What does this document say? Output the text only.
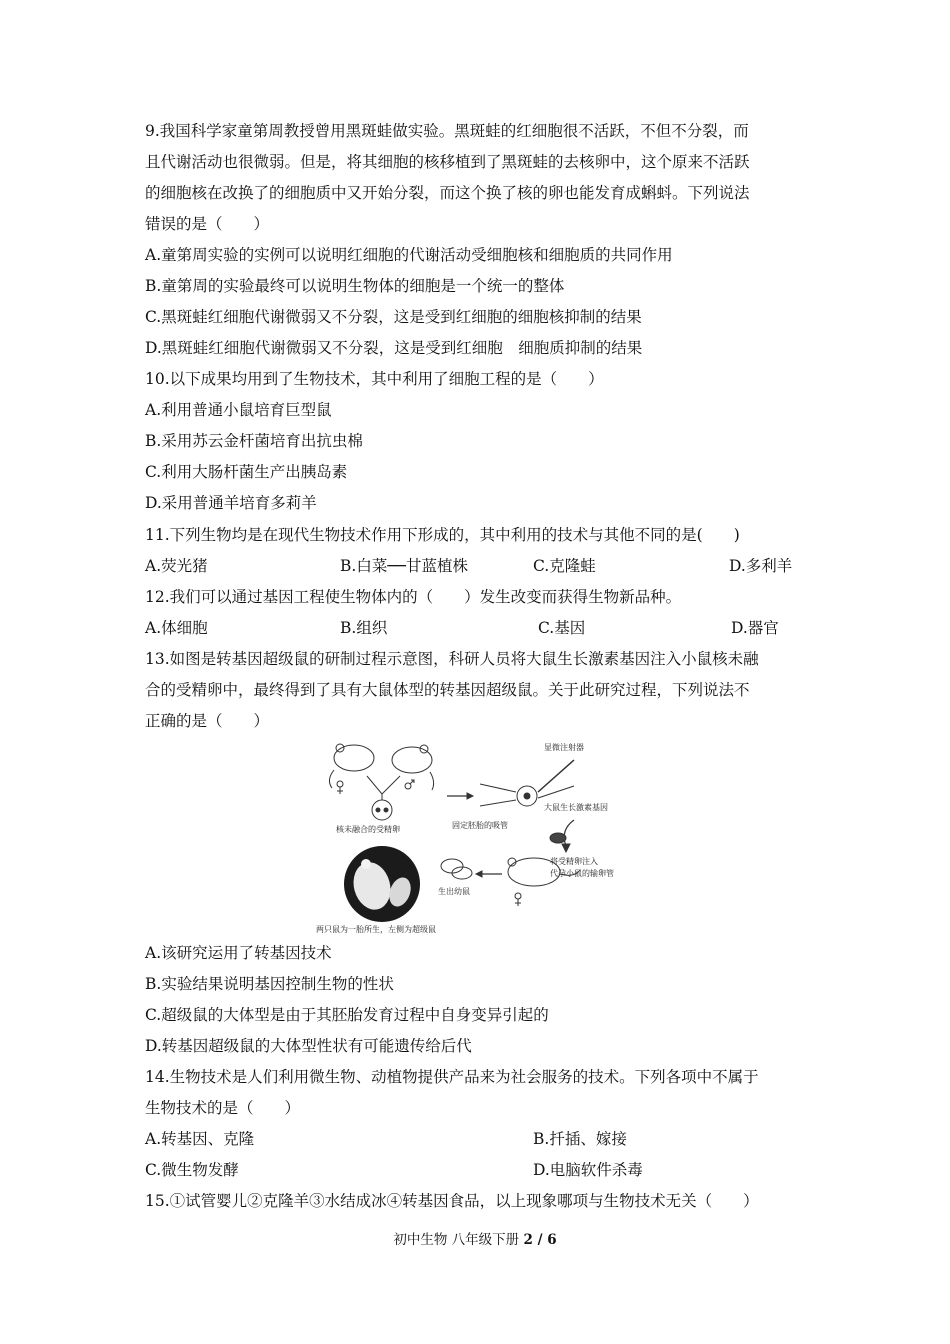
9.我国科学家童第周教授曾用黑斑蛙做实验。黑斑蛙的红细胞很不活跃，不但不分裂，而
且代谢活动也很微弱。但是，将其细胞的核移植到了黑斑蛙的去核卵中，这个原来不活跃
的细胞核在改换了的细胞质中又开始分裂，而这个换了核的卵也能发育成蝌蚪。下列说法
错误的是（　　）
A.童第周实验的实例可以说明红细胞的代谢活动受细胞核和细胞质的共同作用
B.童第周的实验最终可以说明生物体的细胞是一个统一的整体
C.黑斑蛙红细胞代谢微弱又不分裂，这是受到红细胞的细胞核抑制的结果
D.黑斑蛙红细胞代谢微弱又不分裂，这是受到红细胞　细胞质抑制的结果
10.以下成果均用到了生物技术，其中利用了细胞工程的是（　　）
A.利用普通小鼠培育巨型鼠
B.采用苏云金杆菌培育出抗虫棉
C.利用大肠杆菌生产出胰岛素
D.采用普通羊培育多莉羊
11.下列生物均是在现代生物技术作用下形成的，其中利用的技术与其他不同的是(　　)
A.荧光猪	B.白菜──甘蓝植株	C.克隆蛙	D.多利羊
12.我们可以通过基因工程使生物体内的（　　）发生改变而获得生物新品种。
A.体细胞	B.组织	C.基因	D.器官
13.如图是转基因超级鼠的研制过程示意图，科研人员将大鼠生长激素基因注入小鼠核未融
合的受精卵中，最终得到了具有大鼠体型的转基因超级鼠。关于此研究过程，下列说法不
正确的是（　　）
核未融合的受精卵	固定胚胎的吸管
显微注射器
大鼠生长激素基因
将受精卵注入
代孕小鼠的输卵管
生出幼鼠
两只鼠为一胎所生，左侧为超级鼠
A.该研究运用了转基因技术
B.实验结果说明基因控制生物的性状
C.超级鼠的大体型是由于其胚胎发育过程中自身变异引起的
D.转基因超级鼠的大体型性状有可能遗传给后代
14.生物技术是人们利用微生物、动植物提供产品来为社会服务的技术。下列各项中不属于
生物技术的是（　　）
A.转基因、克隆	B.扦插、嫁接
C.微生物发酵	D.电脑软件杀毒
15.①试管婴儿②克隆羊③水结成冰④转基因食品，以上现象哪项与生物技术无关（　　）
初中生物 八年级下册 2 / 6
